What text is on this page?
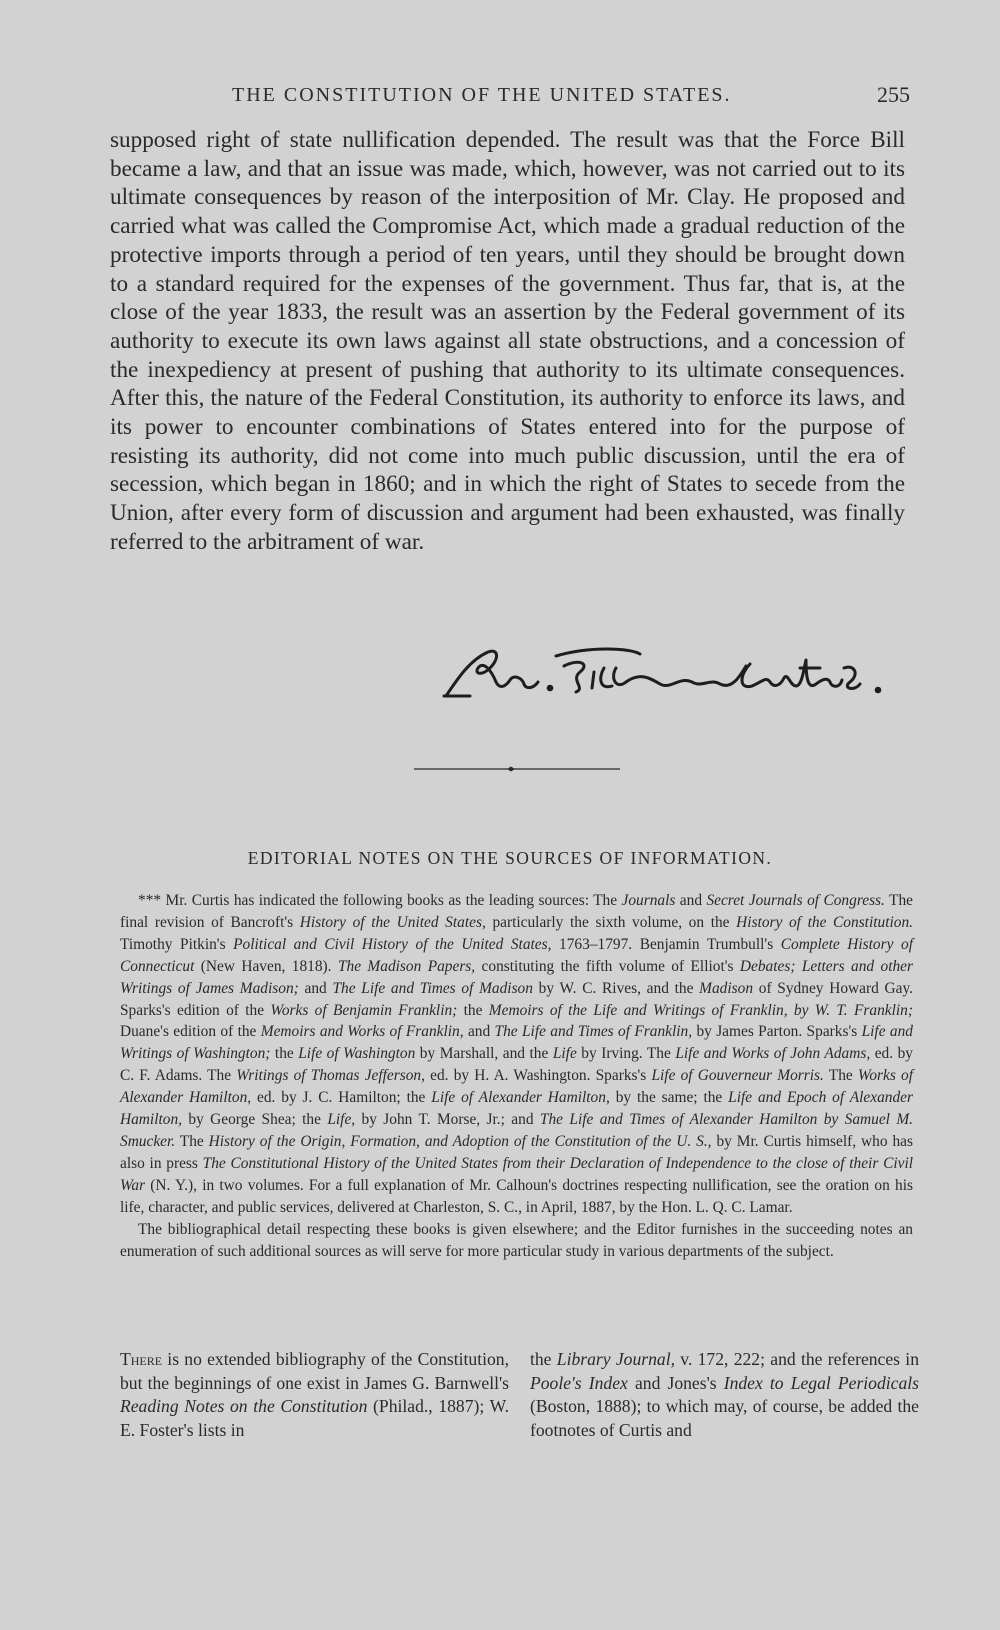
THE CONSTITUTION OF THE UNITED STATES.	255

supposed right of state nullification depended. The result was that the Force Bill became a law, and that an issue was made, which, however, was not carried out to its ultimate consequences by reason of the interposition of Mr. Clay. He proposed and carried what was called the Compromise Act, which made a gradual reduction of the protective imports through a period of ten years, until they should be brought down to a standard required for the expenses of the government. Thus far, that is, at the close of the year 1833, the result was an assertion by the Federal government of its authority to execute its own laws against all state obstructions, and a concession of the inexpediency at present of pushing that authority to its ultimate consequences. After this, the nature of the Federal Constitution, its authority to enforce its laws, and its power to encounter combinations of States entered into for the purpose of resisting its authority, did not come into much public discussion, until the era of secession, which began in 1860; and in which the right of States to secede from the Union, after every form of discussion and argument had been exhausted, was finally referred to the arbitrament of war.

EDITORIAL NOTES ON THE SOURCES OF INFORMATION.

*** Mr. Curtis has indicated the following books as the leading sources: The Journals and Secret Journals of Congress. The final revision of Bancroft's History of the United States, particularly the sixth volume, on the History of the Constitution. Timothy Pitkin's Political and Civil History of the United States, 1763–1797. Benjamin Trumbull's Complete History of Connecticut (New Haven, 1818). The Madison Papers, constituting the fifth volume of Elliot's Debates; Letters and other Writings of James Madison; and The Life and Times of Madison by W. C. Rives, and the Madison of Sydney Howard Gay. Sparks's edition of the Works of Benjamin Franklin; the Memoirs of the Life and Writings of Franklin, by W. T. Franklin; Duane's edition of the Memoirs and Works of Franklin, and The Life and Times of Franklin, by James Parton. Sparks's Life and Writings of Washington; the Life of Washington by Marshall, and the Life by Irving. The Life and Works of John Adams, ed. by C. F. Adams. The Writings of Thomas Jefferson, ed. by H. A. Washington. Sparks's Life of Gouverneur Morris. The Works of Alexander Hamilton, ed. by J. C. Hamilton; the Life of Alexander Hamilton, by the same; the Life and Epoch of Alexander Hamilton, by George Shea; the Life, by John T. Morse, Jr.; and The Life and Times of Alexander Hamilton by Samuel M. Smucker. The History of the Origin, Formation, and Adoption of the Constitution of the U. S., by Mr. Curtis himself, who has also in press The Constitutional History of the United States from their Declaration of Independence to the close of their Civil War (N. Y.), in two volumes. For a full explanation of Mr. Calhoun's doctrines respecting nullification, see the oration on his life, character, and public services, delivered at Charleston, S. C., in April, 1887, by the Hon. L. Q. C. Lamar.

The bibliographical detail respecting these books is given elsewhere; and the Editor furnishes in the succeeding notes an enumeration of such additional sources as will serve for more particular study in various departments of the subject.

There is no extended bibliography of the Constitution, but the beginnings of one exist in James G. Barnwell's Reading Notes on the Constitution (Philad., 1887); W. E. Foster's lists in

the Library Journal, v. 172, 222; and the references in Poole's Index and Jones's Index to Legal Periodicals (Boston, 1888); to which may, of course, be added the footnotes of Curtis and
